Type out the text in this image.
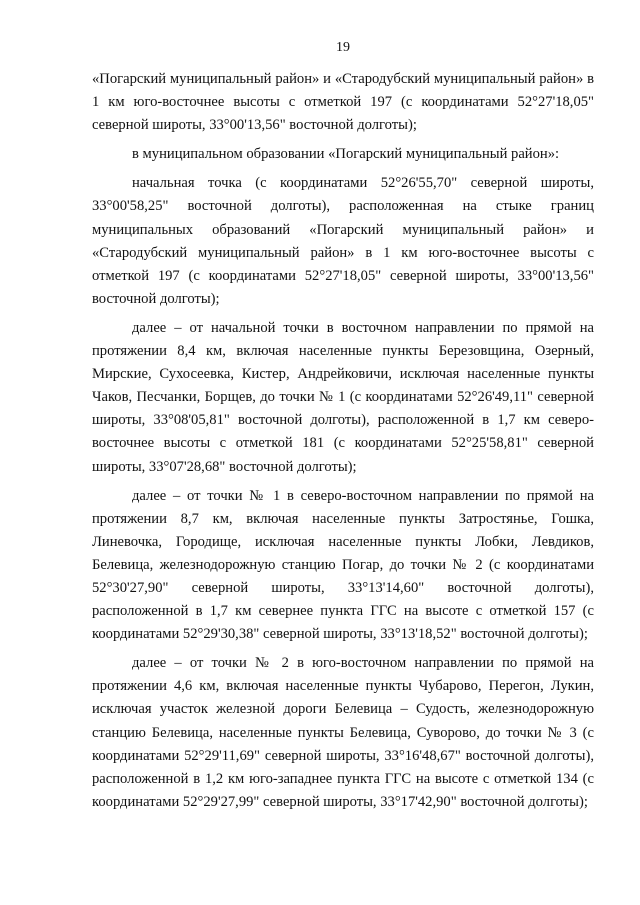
19

«Погарский муниципальный район» и «Стародубский муниципальный район» в 1 км юго-восточнее высоты с отметкой 197 (с координатами 52°27'18,05" северной широты, 33°00'13,56" восточной долготы);

в муниципальном образовании «Погарский муниципальный район»:

начальная точка (с координатами 52°26'55,70" северной широты, 33°00'58,25" восточной долготы), расположенная на стыке границ муниципальных образований «Погарский муниципальный район» и «Стародубский муниципальный район» в 1 км юго-восточнее высоты с отметкой 197 (с координатами 52°27'18,05" северной широты, 33°00'13,56" восточной долготы);

далее – от начальной точки в восточном направлении по прямой на протяжении 8,4 км, включая населенные пункты Березовщина, Озерный, Мирские, Сухосеевка, Кистер, Андрейковичи, исключая населенные пункты Чаков, Песчанки, Борщев, до точки № 1 (с координатами 52°26'49,11" северной широты, 33°08'05,81" восточной долготы), расположенной в 1,7 км северо-восточнее высоты с отметкой 181 (с координатами 52°25'58,81" северной широты, 33°07'28,68" восточной долготы);

далее – от точки № 1 в северо-восточном направлении по прямой на протяжении 8,7 км, включая населенные пункты Затростянье, Гошка, Линевочка, Городище, исключая населенные пункты Лобки, Левдиков, Белевица, железнодорожную станцию Погар, до точки № 2 (с координатами 52°30'27,90" северной широты, 33°13'14,60" восточной долготы), расположенной в 1,7 км севернее пункта ГГС на высоте с отметкой 157 (с координатами 52°29'30,38" северной широты, 33°13'18,52" восточной долготы);

далее – от точки № 2 в юго-восточном направлении по прямой на протяжении 4,6 км, включая населенные пункты Чубарово, Перегон, Лукин, исключая участок железной дороги Белевица – Судость, железнодорожную станцию Белевица, населенные пункты Белевица, Суворово, до точки № 3 (с координатами 52°29'11,69" северной широты, 33°16'48,67" восточной долготы), расположенной в 1,2 км юго-западнее пункта ГГС на высоте с отметкой 134 (с координатами 52°29'27,99" северной широты, 33°17'42,90" восточной долготы);
